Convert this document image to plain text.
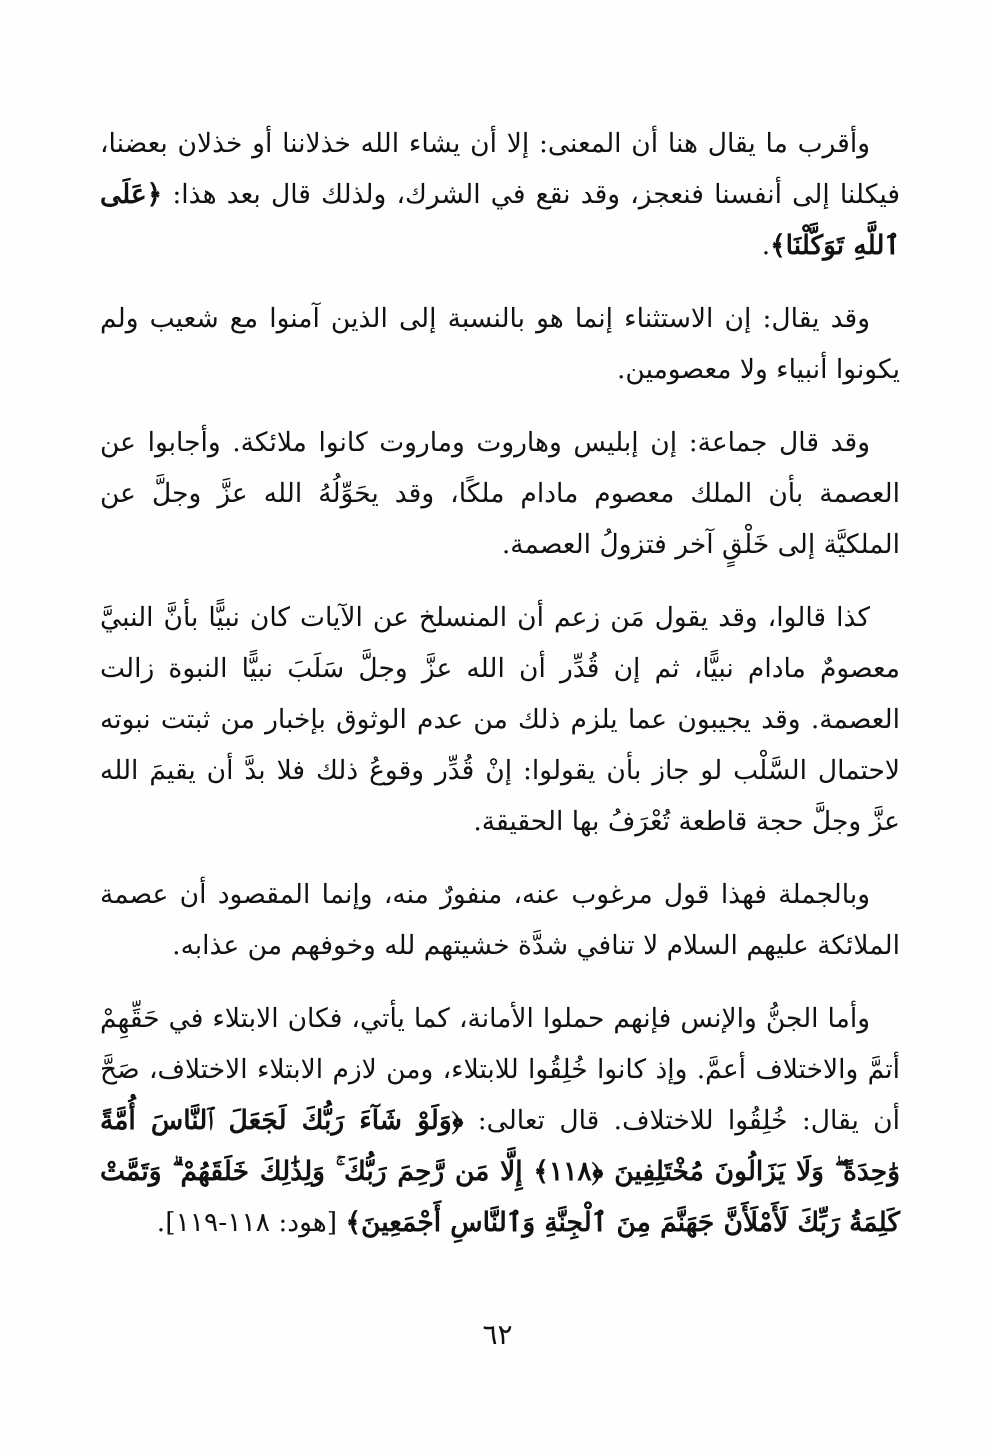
وأقرب ما يقال هنا أن المعنى: إلا أن يشاء الله خذلاننا أو خذلان بعضنا، فيكلنا إلى أنفسنا فنعجز، وقد نقع في الشرك، ولذلك قال بعد هذا: ﴿عَلَى ٱللَّهِ تَوَكَّلْنَا﴾.

وقد يقال: إن الاستثناء إنما هو بالنسبة إلى الذين آمنوا مع شعيب ولم يكونوا أنبياء ولا معصومين.

وقد قال جماعة: إن إبليس وهاروت وماروت كانوا ملائكة. وأجابوا عن العصمة بأن الملك معصوم مادام ملكًا، وقد يحَوِّلُهُ الله عزَّ وجلَّ عن الملكيَّة إلى خَلْقٍ آخر فتزولُ العصمة.

كذا قالوا، وقد يقول مَن زعم أن المنسلخ عن الآيات كان نبيًّا بأنَّ النبيَّ معصومٌ مادام نبيًّا، ثم إن قُدِّر أن الله عزَّ وجلَّ سَلَبَ نبيًّا النبوة زالت العصمة. وقد يجيبون عما يلزم ذلك من عدم الوثوق بإخبار من ثبتت نبوته لاحتمال السَّلْب لو جاز بأن يقولوا: إنْ قُدِّر وقوعُ ذلك فلا بدَّ أن يقيمَ الله عزَّ وجلَّ حجة قاطعة تُعْرَفُ بها الحقيقة.

وبالجملة فهذا قول مرغوب عنه، منفورٌ منه، وإنما المقصود أن عصمة الملائكة عليهم السلام لا تنافي شدَّة خشيتهم لله وخوفهم من عذابه.

وأما الجنُّ والإنس فإنهم حملوا الأمانة، كما يأتي، فكان الابتلاء في حَقِّهِمْ أتمَّ والاختلاف أعمَّ. وإذ كانوا خُلِقُوا للابتلاء، ومن لازم الابتلاء الاختلاف، صَحَّ أن يقال: خُلِقُوا للاختلاف. قال تعالى: ﴿وَلَوْ شَآءَ رَبُّكَ لَجَعَلَ ٱلنَّاسَ أُمَّةً وَٰحِدَةً ۖ وَلَا يَزَالُونَ مُخْتَلِفِينَ ﴿١١٨﴾ إِلَّا مَن رَّحِمَ رَبُّكَ ۚ وَلِذَٰلِكَ خَلَقَهُمْ ۗ وَتَمَّتْ كَلِمَةُ رَبِّكَ لَأَمْلَأَنَّ جَهَنَّمَ مِنَ ٱلْجِنَّةِ وَٱلنَّاسِ أَجْمَعِينَ﴾ [هود: ١١٨-١١٩].

٦٢
